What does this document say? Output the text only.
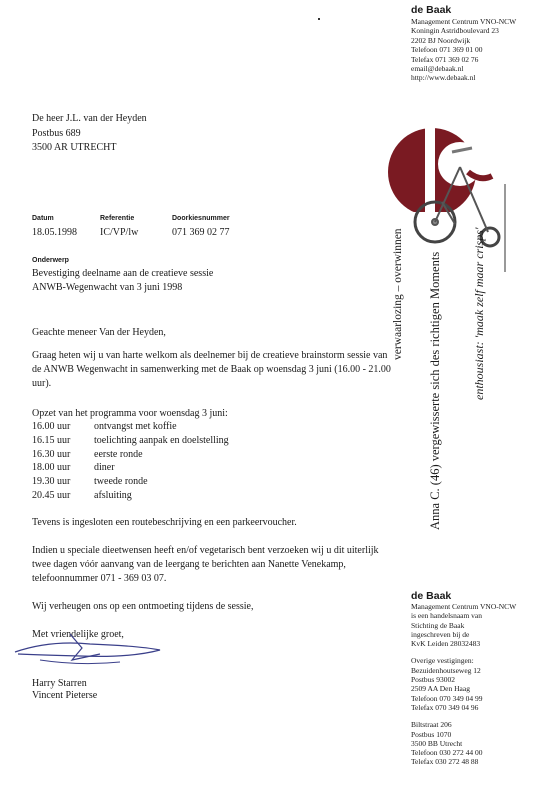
de Baak
Management Centrum VNO-NCW
Koningin Astridboulevard 23
2202 BJ Noordwijk
Telefoon 071 369 01 00
Telefax 071 369 02 76
email@debaak.nl
http://www.debaak.nl
De heer J.L. van der Heyden
Postbus 689
3500 AR UTRECHT
Datum
18.05.1998
Referentie
IC/VP/lw
Doorkiesnummer
071 369 02 77
Onderwerp
Bevestiging deelname aan de creatieve sessie
ANWB-Wegenwacht van 3 juni 1998
Geachte meneer Van der Heyden,
Graag heten wij u van harte welkom als deelnemer bij de creatieve brainstorm sessie van de ANWB Wegenwacht in samenwerking met de Baak op woensdag 3 juni (16.00 - 21.00 uur).
Opzet van het programma voor woensdag 3 juni:
16.00 uur	ontvangst met koffie
16.15 uur	toelichting aanpak en doelstelling
16.30 uur	eerste ronde
18.00 uur	diner
19.30 uur	tweede ronde
20.45 uur	afsluiting
Tevens is ingesloten een routebeschrijving en een parkeervoucher.
Indien u speciale dieetwensen heeft en/of vegetarisch bent verzoeken wij u dit uiterlijk twee dagen vóór aanvang van de leergang te berichten aan Nanette Venekamp, telefoonnummer 071 - 369 03 07.
Wij verheugen ons op een ontmoeting tijdens de sessie,
Met vriendelijke groet,
Harry Starren
Vincent Pieterse
verwaarlozing – overwinnen Anna C. (46) vergewisserte sich des richtigen Moments	enthousiast: 'maak zelf maar crisps'
de Baak
Management Centrum VNO-NCW
is een handelsnaam van
Stichting de Baak
ingeschreven bij de
KvK Leiden 28032483
Overige vestigingen:
Bezuidenhoutseweg 12
Postbus 93002
2509 AA Den Haag
Telefoon 070 349 04 99
Telefax 070 349 04 96
Biltstraat 206
Postbus 1070
3500 BB Utrecht
Telefoon 030 272 44 00
Telefax 030 272 48 88
